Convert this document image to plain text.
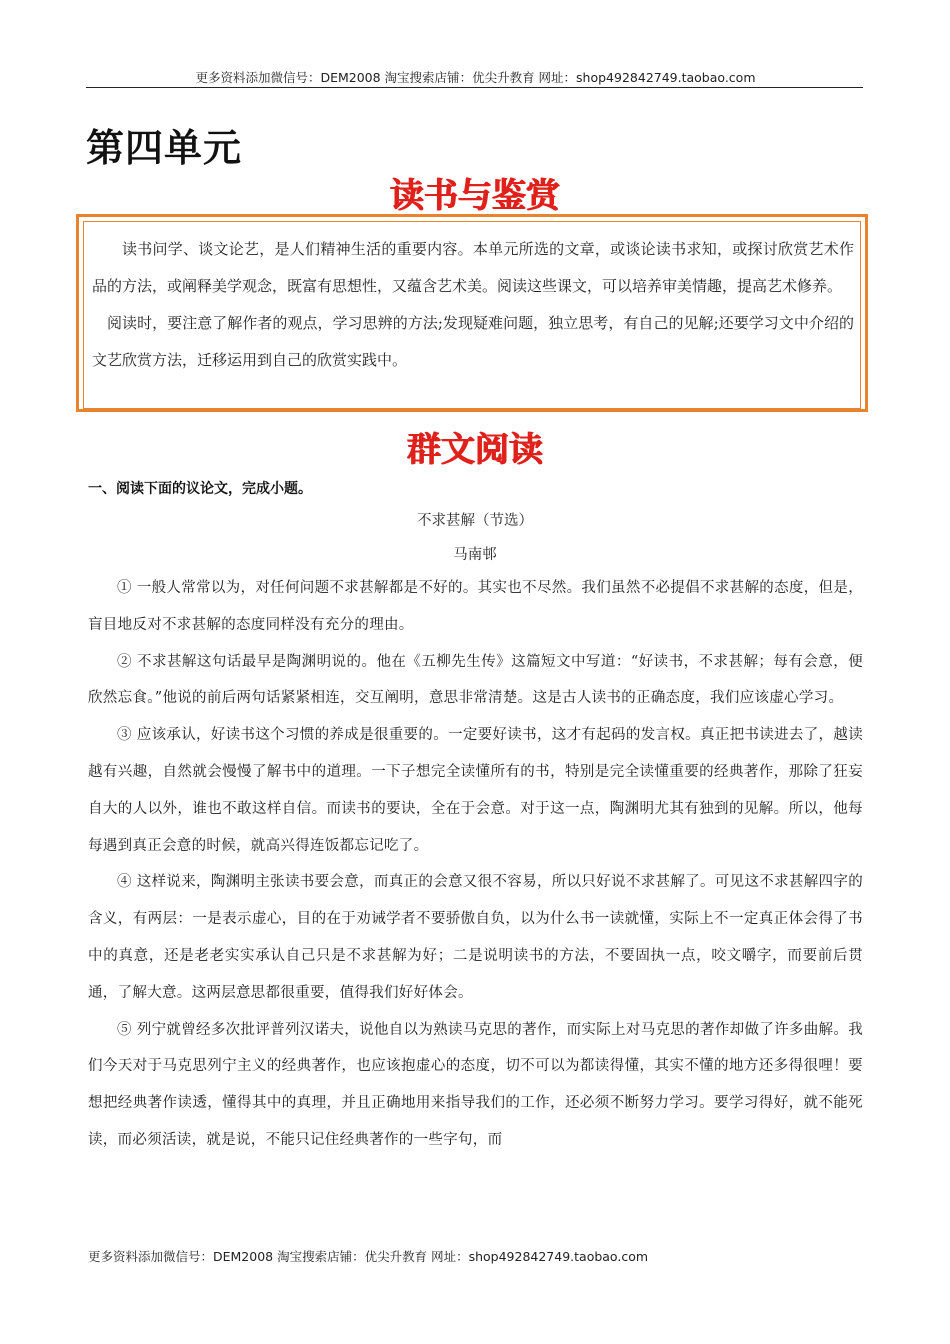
更多资料添加微信号：DEM2008 淘宝搜索店铺：优尖升教育 网址：shop492842749.taobao.com
第四单元
读书与鉴赏

读书问学、谈文论艺，是人们精神生活的重要内容。本单元所选的文章，或谈论读书求知，或探讨欣赏艺术作品的方法，或阐释美学观念，既富有思想性，又蕴含艺术美。阅读这些课文，可以培养审美情趣，提高艺术修养。

阅读时，要注意了解作者的观点，学习思辨的方法;发现疑难问题，独立思考，有自己的见解;还要学习文中介绍的文艺欣赏方法，迁移运用到自己的欣赏实践中。

群文阅读

一、阅读下面的议论文，完成小题。

不求甚解（节选）

马南邨

① 一般人常常以为，对任何问题不求甚解都是不好的。其实也不尽然。我们虽然不必提倡不求甚解的态度，但是，盲目地反对不求甚解的态度同样没有充分的理由。

② 不求甚解这句话最早是陶渊明说的。他在《五柳先生传》这篇短文中写道：“好读书，不求甚解；每有会意，便欣然忘食。”他说的前后两句话紧紧相连，交互阐明，意思非常清楚。这是古人读书的正确态度，我们应该虚心学习。

③ 应该承认，好读书这个习惯的养成是很重要的。一定要好读书，这才有起码的发言权。真正把书读进去了，越读越有兴趣，自然就会慢慢了解书中的道理。一下子想完全读懂所有的书，特别是完全读懂重要的经典著作，那除了狂妄自大的人以外，谁也不敢这样自信。而读书的要诀，全在于会意。对于这一点，陶渊明尤其有独到的见解。所以，他每每遇到真正会意的时候，就高兴得连饭都忘记吃了。

④ 这样说来，陶渊明主张读书要会意，而真正的会意又很不容易，所以只好说不求甚解了。可见这不求甚解四字的含义，有两层：一是表示虚心，目的在于劝诫学者不要骄傲自负，以为什么书一读就懂，实际上不一定真正体会得了书中的真意，还是老老实实承认自己只是不求甚解为好；二是说明读书的方法，不要固执一点，咬文嚼字，而要前后贯通，了解大意。这两层意思都很重要，值得我们好好体会。

⑤ 列宁就曾经多次批评普列汉诺夫，说他自以为熟读马克思的著作，而实际上对马克思的著作却做了许多曲解。我们今天对于马克思列宁主义的经典著作，也应该抱虚心的态度，切不可以为都读得懂，其实不懂的地方还多得很哩！要想把经典著作读透，懂得其中的真理，并且正确地用来指导我们的工作，还必须不断努力学习。要学习得好，就不能死读，而必须活读，就是说，不能只记住经典著作的一些字句，而

更多资料添加微信号：DEM2008 淘宝搜索店铺：优尖升教育 网址：shop492842749.taobao.com
